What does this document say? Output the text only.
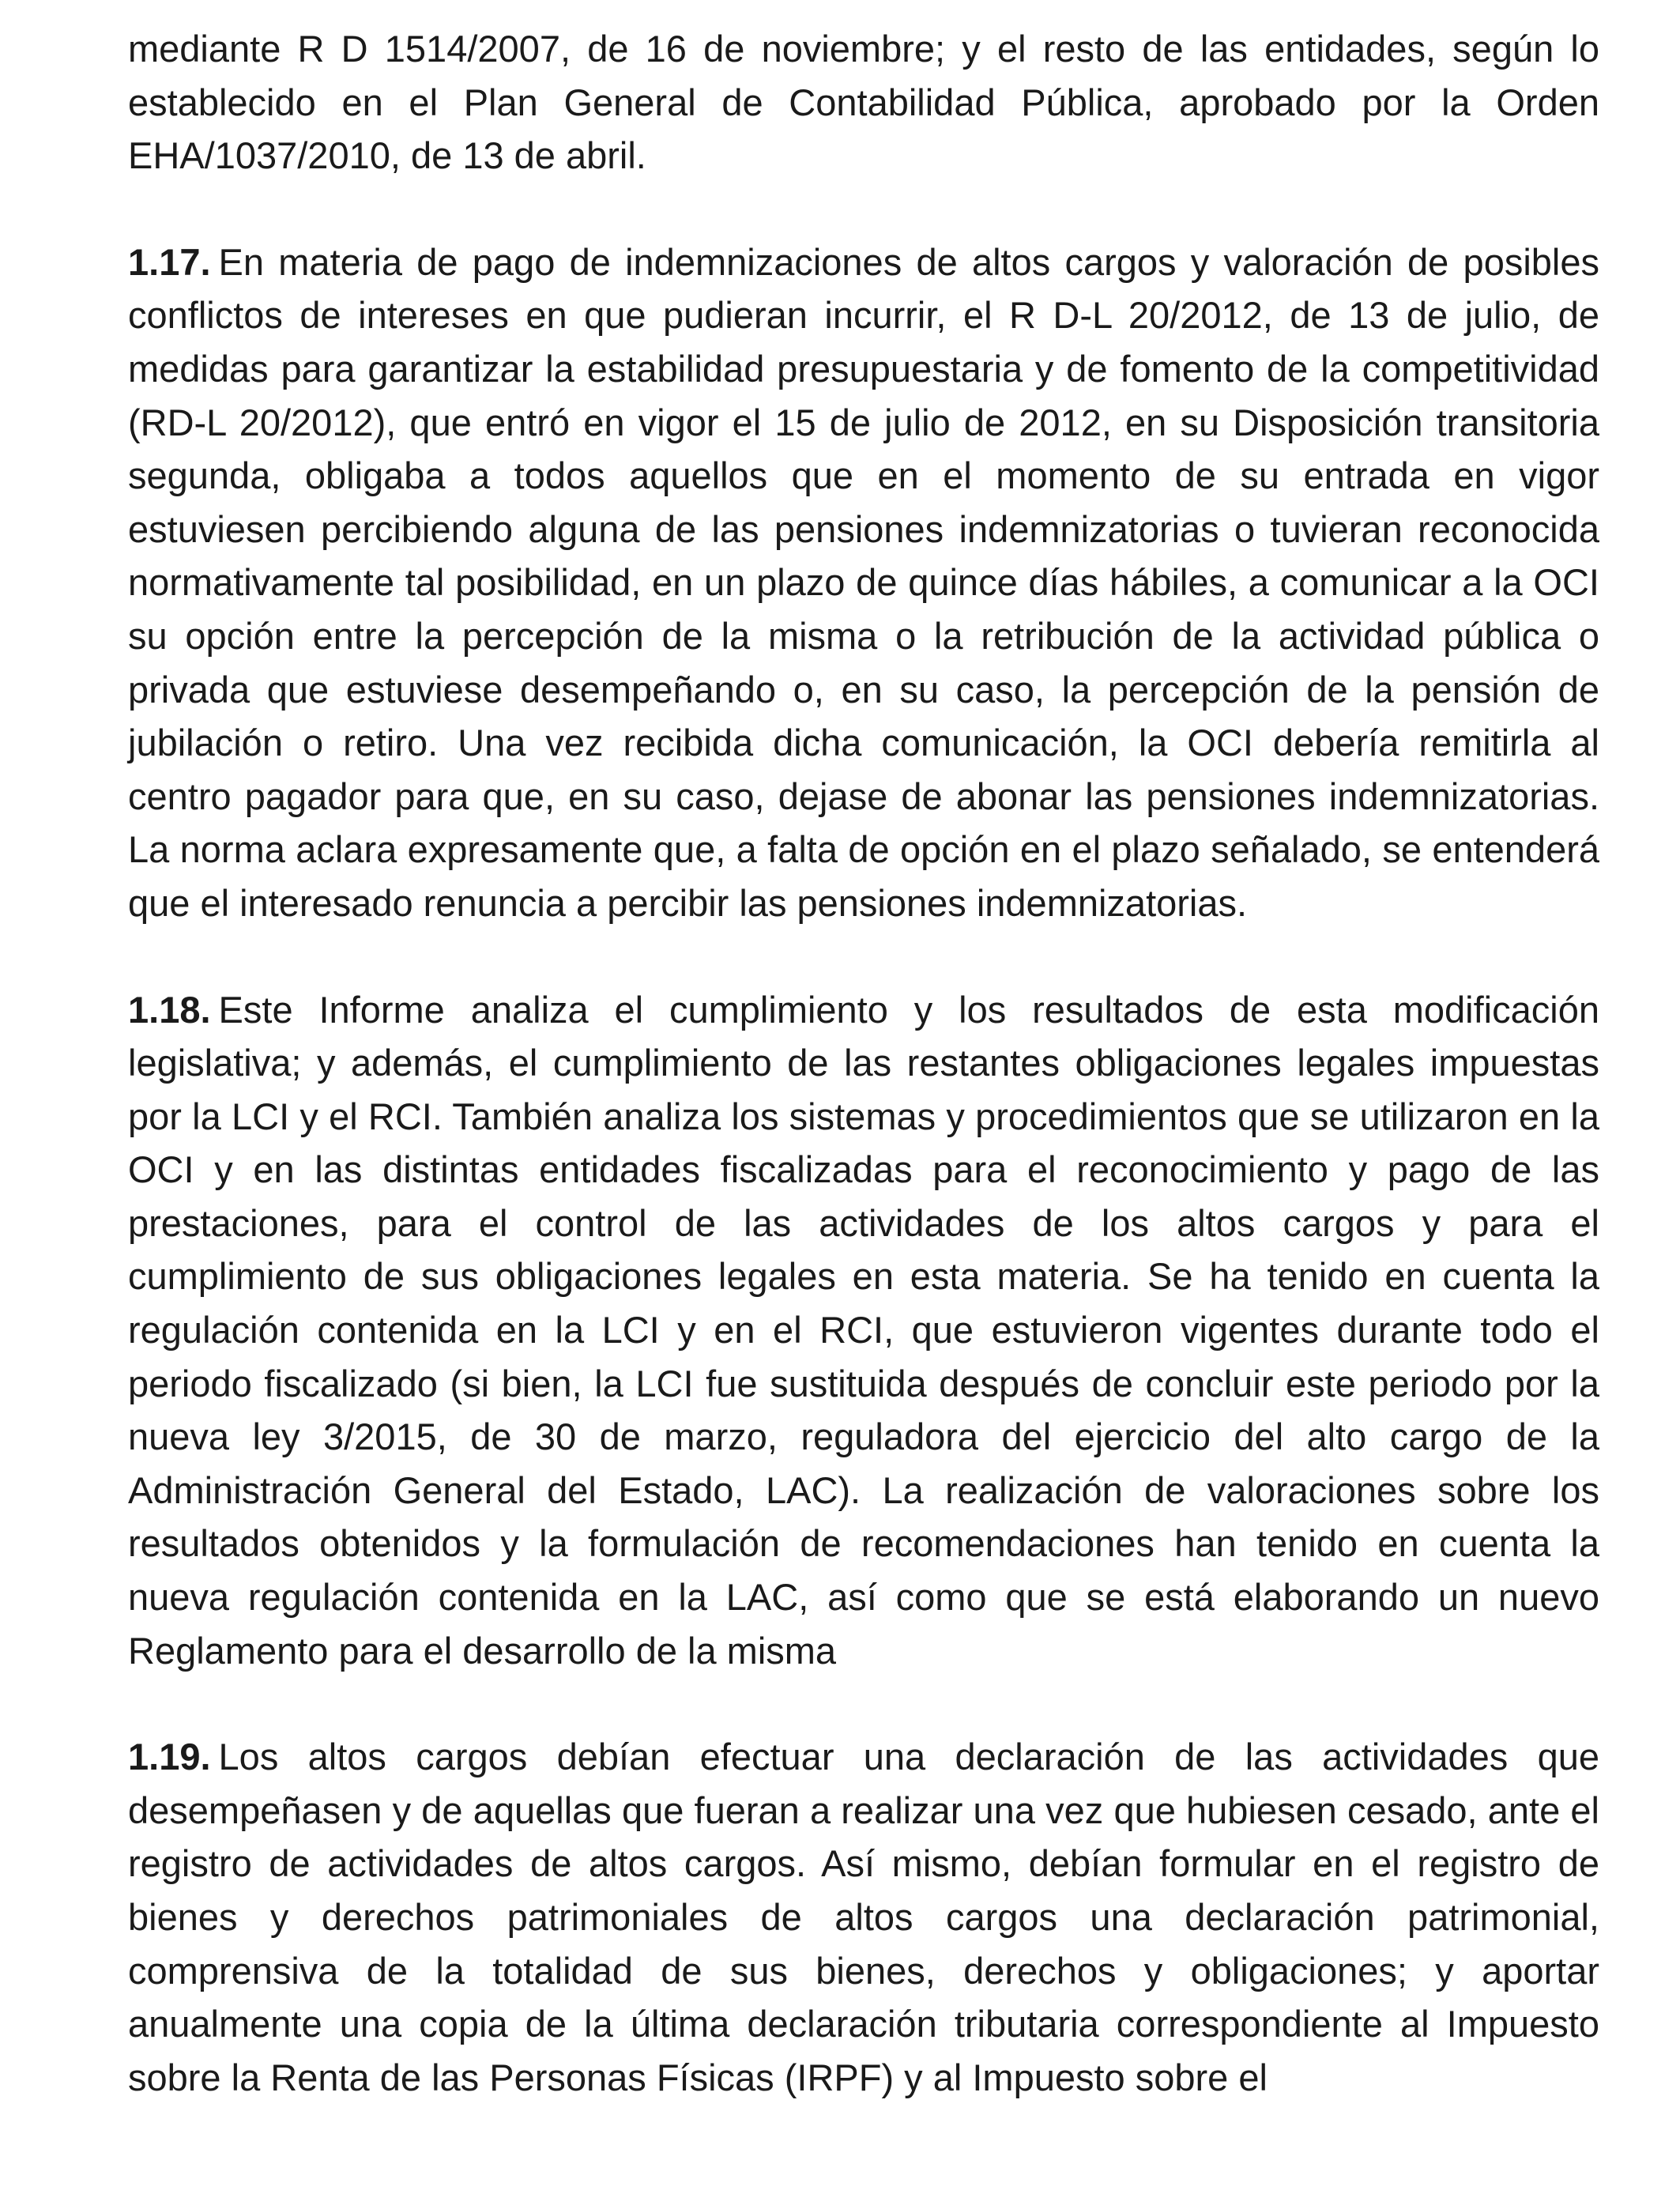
mediante R D 1514/2007, de 16 de noviembre; y el resto de las entidades, según lo establecido en el Plan General de Contabilidad Pública, aprobado por la Orden EHA/1037/2010, de 13 de abril.

1.17. En materia de pago de indemnizaciones de altos cargos y valoración de posibles conflictos de intereses en que pudieran incurrir, el R D-L 20/2012, de 13 de julio, de medidas para garantizar la estabilidad presupuestaria y de fomento de la competitividad (RD-L 20/2012), que entró en vigor el 15 de julio de 2012, en su Disposición transitoria segunda, obligaba a todos aquellos que en el momento de su entrada en vigor estuviesen percibiendo alguna de las pensiones indemnizatorias o tuvieran reconocida normativamente tal posibilidad, en un plazo de quince días hábiles, a comunicar a la OCI su opción entre la percepción de la misma o la retribución de la actividad pública o privada que estuviese desempeñando o, en su caso, la percepción de la pensión de jubilación o retiro. Una vez recibida dicha comunicación, la OCI debería remitirla al centro pagador para que, en su caso, dejase de abonar las pensiones indemnizatorias. La norma aclara expresamente que, a falta de opción en el plazo señalado, se entenderá que el interesado renuncia a percibir las pensiones indemnizatorias.

1.18. Este Informe analiza el cumplimiento y los resultados de esta modificación legislativa; y además, el cumplimiento de las restantes obligaciones legales impuestas por la LCI y el RCI. También analiza los sistemas y procedimientos que se utilizaron en la OCI y en las distintas entidades fiscalizadas para el reconocimiento y pago de las prestaciones, para el control de las actividades de los altos cargos y para el cumplimiento de sus obligaciones legales en esta materia. Se ha tenido en cuenta la regulación contenida en la LCI y en el RCI, que estuvieron vigentes durante todo el periodo fiscalizado (si bien, la LCI fue sustituida después de concluir este periodo por la nueva ley 3/2015, de 30 de marzo, reguladora del ejercicio del alto cargo de la Administración General del Estado, LAC). La realización de valoraciones sobre los resultados obtenidos y la formulación de recomendaciones han tenido en cuenta la nueva regulación contenida en la LAC, así como que se está elaborando un nuevo Reglamento para el desarrollo de la misma

1.19. Los altos cargos debían efectuar una declaración de las actividades que desempeñasen y de aquellas que fueran a realizar una vez que hubiesen cesado, ante el registro de actividades de altos cargos. Así mismo, debían formular en el registro de bienes y derechos patrimoniales de altos cargos una declaración patrimonial, comprensiva de la totalidad de sus bienes, derechos y obligaciones; y aportar anualmente una copia de la última declaración tributaria correspondiente al Impuesto sobre la Renta de las Personas Físicas (IRPF) y al Impuesto sobre el
